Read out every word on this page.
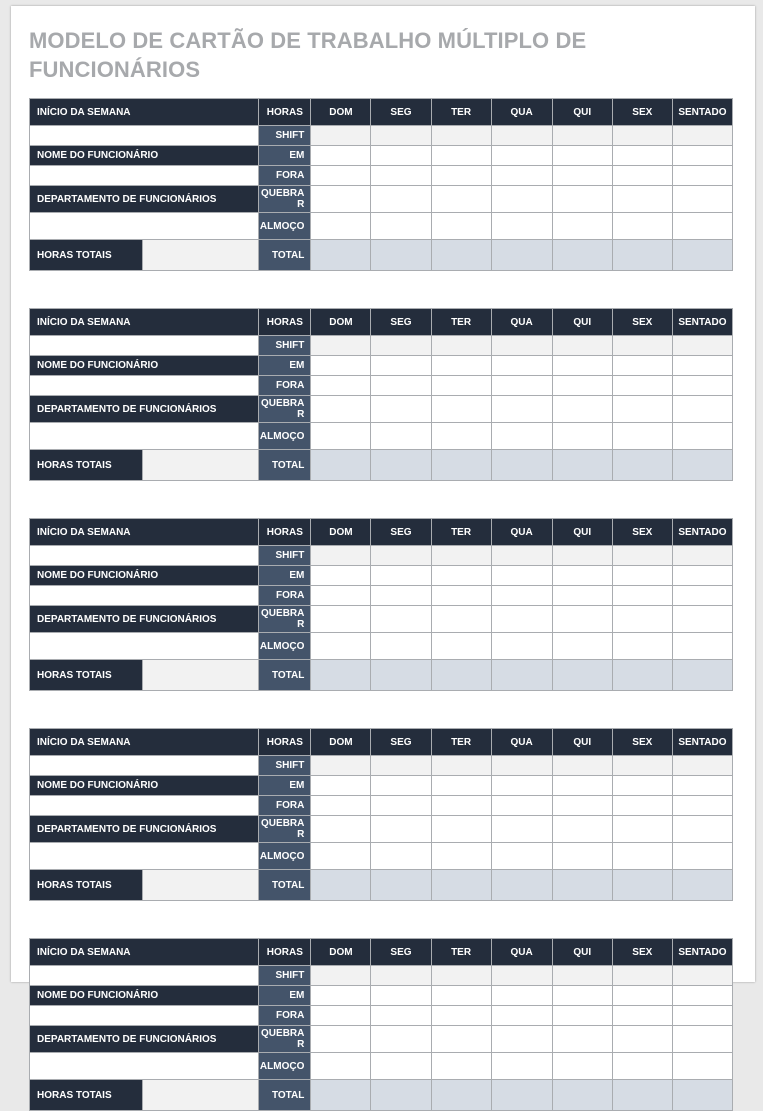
MODELO DE CARTÃO DE TRABALHO MÚLTIPLO DE FUNCIONÁRIOS
INÍCIO DA SEMANA		HORAS	DOM	SEG	TER	QUA	QUI	SEX	SENTADO
		SHIFT							
NOME DO FUNCIONÁRIO		EM							
		FORA							
DEPARTAMENTO DE FUNCIONÁRIOS		QUEBRAR							
		ALMOÇO							
HORAS TOTAIS		TOTAL							
INÍCIO DA SEMANA		HORAS	DOM	SEG	TER	QUA	QUI	SEX	SENTADO
		SHIFT							
NOME DO FUNCIONÁRIO		EM							
		FORA							
DEPARTAMENTO DE FUNCIONÁRIOS		QUEBRAR							
		ALMOÇO							
HORAS TOTAIS		TOTAL							
INÍCIO DA SEMANA		HORAS	DOM	SEG	TER	QUA	QUI	SEX	SENTADO
		SHIFT							
NOME DO FUNCIONÁRIO		EM							
		FORA							
DEPARTAMENTO DE FUNCIONÁRIOS		QUEBRAR							
		ALMOÇO							
HORAS TOTAIS		TOTAL							
INÍCIO DA SEMANA		HORAS	DOM	SEG	TER	QUA	QUI	SEX	SENTADO
		SHIFT							
NOME DO FUNCIONÁRIO		EM							
		FORA							
DEPARTAMENTO DE FUNCIONÁRIOS		QUEBRAR							
		ALMOÇO							
HORAS TOTAIS		TOTAL							
INÍCIO DA SEMANA		HORAS	DOM	SEG	TER	QUA	QUI	SEX	SENTADO
		SHIFT							
NOME DO FUNCIONÁRIO		EM							
		FORA							
DEPARTAMENTO DE FUNCIONÁRIOS		QUEBRAR							
		ALMOÇO							
HORAS TOTAIS		TOTAL							
